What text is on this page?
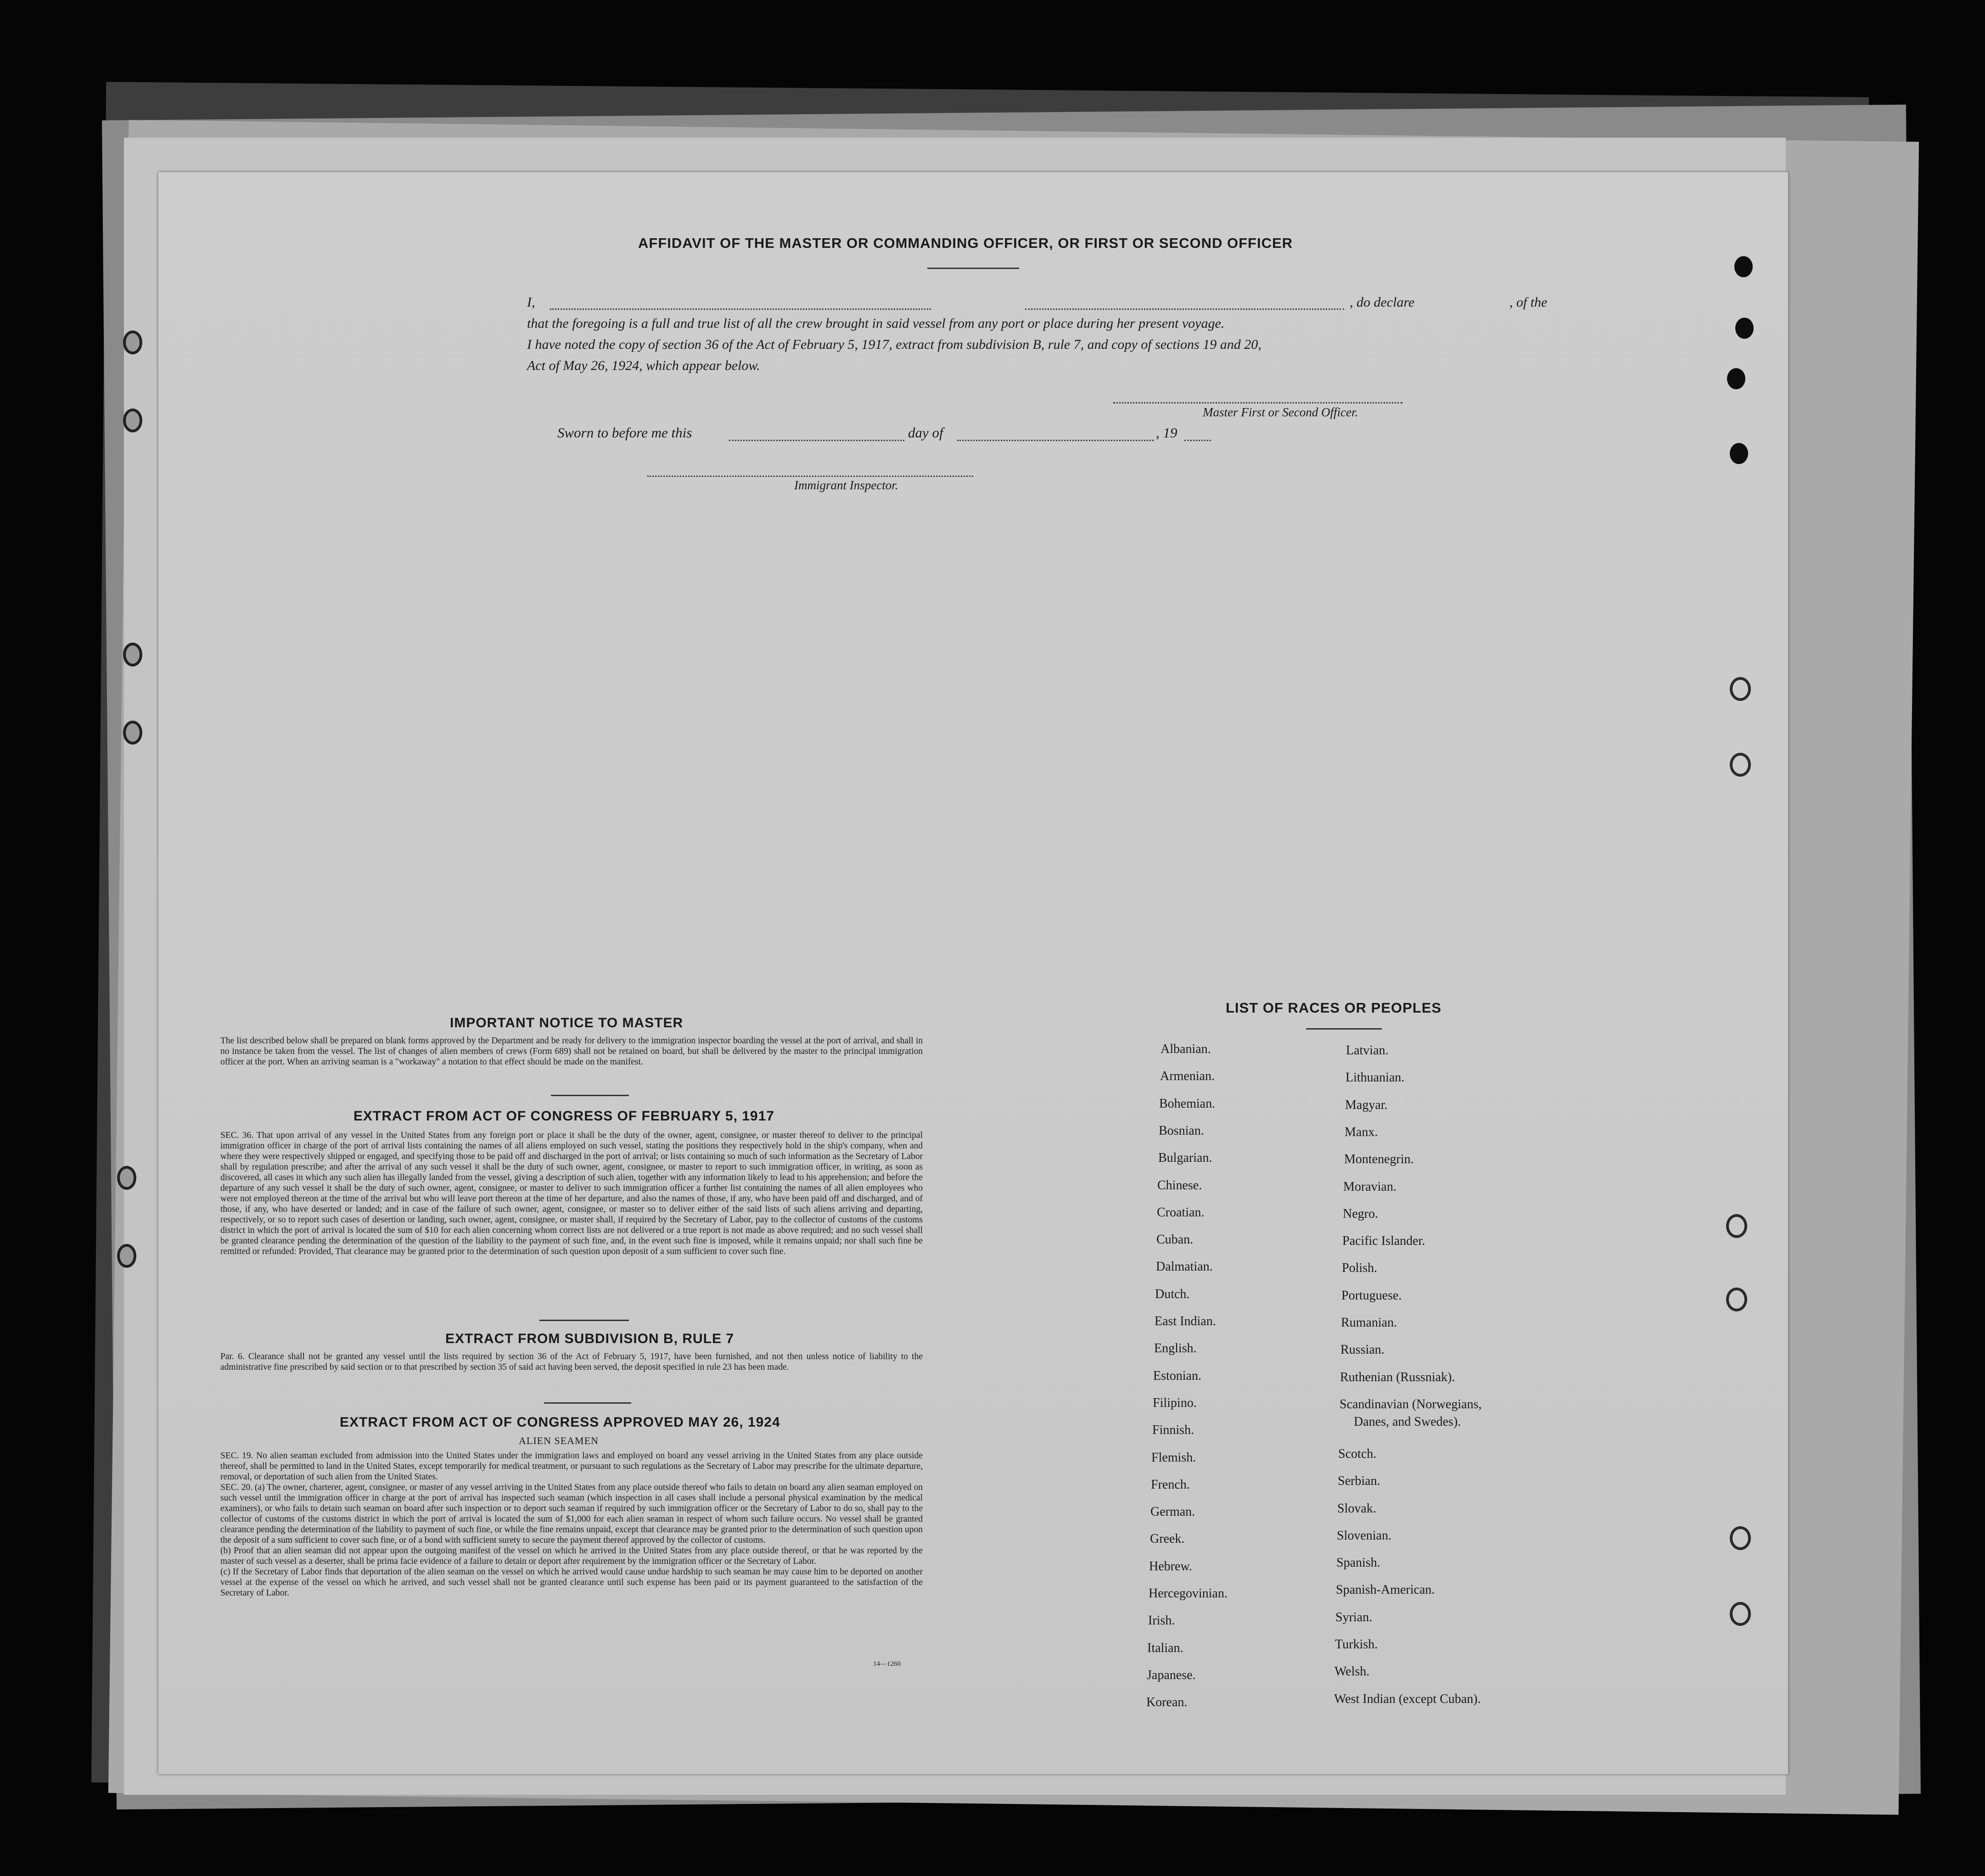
AFFIDAVIT OF THE MASTER OR COMMANDING OFFICER, OR FIRST OR SECOND OFFICER
I,	, of the
, do declare
that the foregoing is a full and true list of all the crew brought in said vessel from any port or place during her present voyage.
I have noted the copy of section 36 of the Act of February 5, 1917, extract from subdivision B, rule 7, and copy of sections 19 and 20,
Act of May 26, 1924, which appear below.
Master First or Second Officer.
Sworn to before me this	day of	, 19
Immigrant Inspector.
IMPORTANT NOTICE TO MASTER
The list described below shall be prepared on blank forms approved by the Department and be ready for delivery to the immigration inspector boarding the vessel at the port of arrival, and shall in no instance be taken from the vessel. The list of changes of alien members of crews (Form 689) shall not be retained on board, but shall be delivered by the master to the principal immigration officer at the port. When an arriving seaman is a "workaway" a notation to that effect should be made on the manifest.
EXTRACT FROM ACT OF CONGRESS OF FEBRUARY 5, 1917
SEC. 36. That upon arrival of any vessel in the United States from any foreign port or place it shall be the duty of the owner, agent, consignee, or master thereof to deliver to the principal immigration officer in charge of the port of arrival lists containing the names of all aliens employed on such vessel, stating the positions they respectively hold in the ship's company, when and where they were respectively shipped or engaged, and specifying those to be paid off and discharged in the port of arrival; or lists containing so much of such information as the Secretary of Labor shall by regulation prescribe; and after the arrival of any such vessel it shall be the duty of such owner, agent, consignee, or master to report to such immigration officer, in writing, as soon as discovered, all cases in which any such alien has illegally landed from the vessel, giving a description of such alien, together with any information likely to lead to his apprehension; and before the departure of any such vessel it shall be the duty of such owner, agent, consignee, or master to deliver to such immigration officer a further list containing the names of all alien employees who were not employed thereon at the time of the arrival but who will leave port thereon at the time of her departure, and also the names of those, if any, who have been paid off and discharged, and of those, if any, who have deserted or landed; and in case of the failure of such owner, agent, consignee, or master so to deliver either of the said lists of such aliens arriving and departing, respectively, or so to report such cases of desertion or landing, such owner, agent, consignee, or master shall, if required by the Secretary of Labor, pay to the collector of customs of the customs district in which the port of arrival is located the sum of $10 for each alien concerning whom correct lists are not delivered or a true report is not made as above required; and no such vessel shall be granted clearance pending the determination of the question of the liability to the payment of such fine, and, in the event such fine is imposed, while it remains unpaid; nor shall such fine be remitted or refunded: Provided, That clearance may be granted prior to the determination of such question upon deposit of a sum sufficient to cover such fine.
EXTRACT FROM SUBDIVISION B, RULE 7
Par. 6. Clearance shall not be granted any vessel until the lists required by section 36 of the Act of February 5, 1917, have been furnished, and not then unless notice of liability to the administrative fine prescribed by said section or to that prescribed by section 35 of said act having been served, the deposit specified in rule 23 has been made.
EXTRACT FROM ACT OF CONGRESS APPROVED MAY 26, 1924
ALIEN SEAMEN
SEC. 19. No alien seaman excluded from admission into the United States under the immigration laws and employed on board any vessel arriving in the United States from any place outside thereof, shall be permitted to land in the United States, except temporarily for medical treatment, or pursuant to such regulations as the Secretary of Labor may prescribe for the ultimate departure, removal, or deportation of such alien from the United States.
SEC. 20. (a) The owner, charterer, agent, consignee, or master of any vessel arriving in the United States from any place outside thereof who fails to detain on board any alien seaman employed on such vessel until the immigration officer in charge at the port of arrival has inspected such seaman (which inspection in all cases shall include a personal physical examination by the medical examiners), or who fails to detain such seaman on board after such inspection or to deport such seaman if required by such immigration officer or the Secretary of Labor to do so, shall pay to the collector of customs of the customs district in which the port of arrival is located the sum of $1,000 for each alien seaman in respect of whom such failure occurs. No vessel shall be granted clearance pending the determination of the liability to payment of such fine, or while the fine remains unpaid, except that clearance may be granted prior to the determination of such question upon the deposit of a sum sufficient to cover such fine, or of a bond with sufficient surety to secure the payment thereof approved by the collector of customs.
(b) Proof that an alien seaman did not appear upon the outgoing manifest of the vessel on which he arrived in the United States from any place outside thereof, or that he was reported by the master of such vessel as a deserter, shall be prima facie evidence of a failure to detain or deport after requirement by the immigration officer or the Secretary of Labor.
(c) If the Secretary of Labor finds that deportation of the alien seaman on the vessel on which he arrived would cause undue hardship to such seaman he may cause him to be deported on another vessel at the expense of the vessel on which he arrived, and such vessel shall not be granted clearance until such expense has been paid or its payment guaranteed to the satisfaction of the Secretary of Labor.
14—1260
LIST OF RACES OR PEOPLES
Albanian.
Armenian.
Bohemian.
Bosnian.
Bulgarian.
Chinese.
Croatian.
Cuban.
Dalmatian.
Dutch.
East Indian.
English.
Estonian.
Filipino.
Finnish.
Flemish.
French.
German.
Greek.
Hebrew.
Hercegovinian.
Irish.
Italian.
Japanese.
Korean.
Latvian.
Lithuanian.
Magyar.
Manx.
Montenegrin.
Moravian.
Negro.
Pacific Islander.
Polish.
Portuguese.
Rumanian.
Russian.
Ruthenian (Russniak).
Scandinavian (Norwegians,
Danes, and Swedes).
Scotch.
Serbian.
Slovak.
Slovenian.
Spanish.
Spanish-American.
Syrian.
Turkish.
Welsh.
West Indian (except Cuban).
